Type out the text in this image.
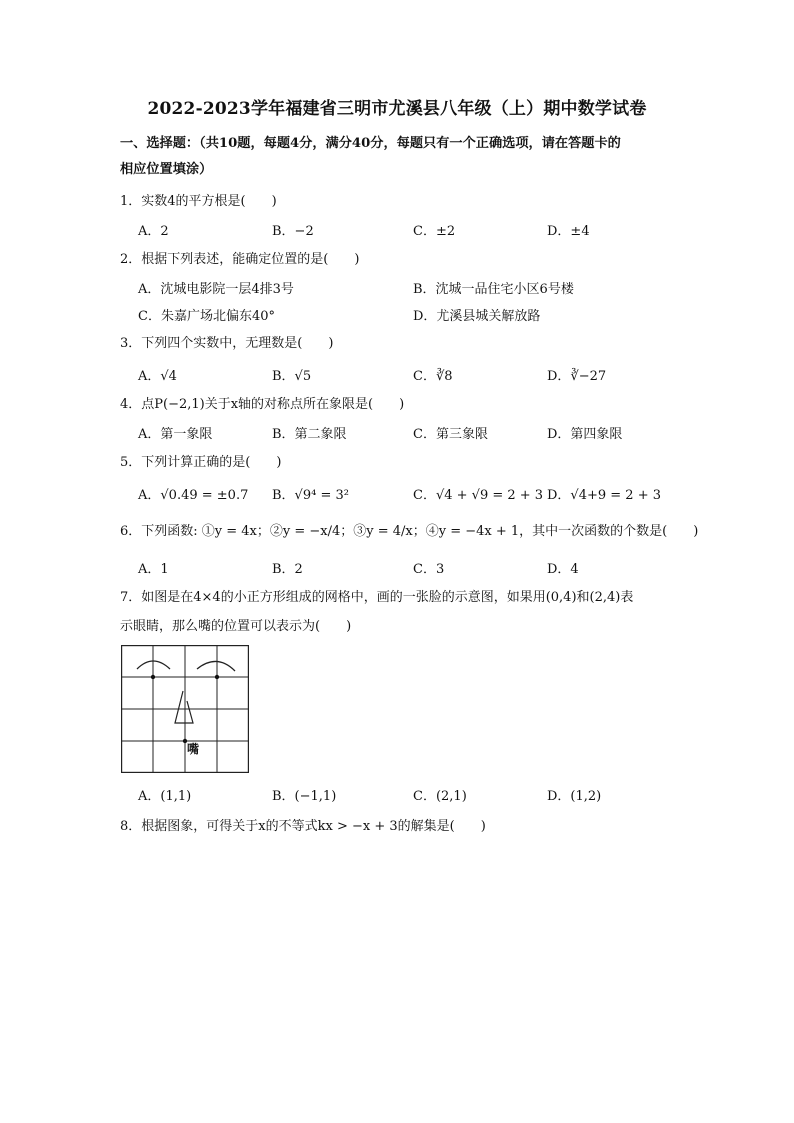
2022-2023学年福建省三明市尤溪县八年级（上）期中数学试卷
一、选择题：（共10题，每题4分，满分40分，每题只有一个正确选项，请在答题卡的
相应位置填涂）
1．实数4的平方根是(　　)
A．2	B．−2	C．±2	D．±4
2．根据下列表述，能确定位置的是(　　)
A．沈城电影院一层4排3号	B．沈城一品住宅小区6号楼
C．朱嘉广场北偏东40°	D．尤溪县城关解放路
3．下列四个实数中，无理数是(　　)
A．√4	B．√5	C．∛8	D．∛−27
4．点P(−2,1)关于x轴的对称点所在象限是(　　)
A．第一象限	B．第二象限	C．第三象限	D．第四象限
5．下列计算正确的是(　　)
A．√0.49 = ±0.7 B．√9⁴ = 3²	C．√4 + √9 = 2 + 3 D．√4+9 = 2 + 3
6．下列函数: ①y = 4x；②y = −x/4；③y = 4/x；④y = −4x + 1，其中一次函数的个数是(　　)
A．1	B．2	C．3	D．4
7．如图是在4×4的小正方形组成的网格中，画的一张脸的示意图，如果用(0,4)和(2,4)表
示眼睛，那么嘴的位置可以表示为(　　)
嘴
A．(1,1)	B．(−1,1)	C．(2,1)	D．(1,2)
8．根据图象，可得关于x的不等式kx > −x + 3的解集是(　　)
